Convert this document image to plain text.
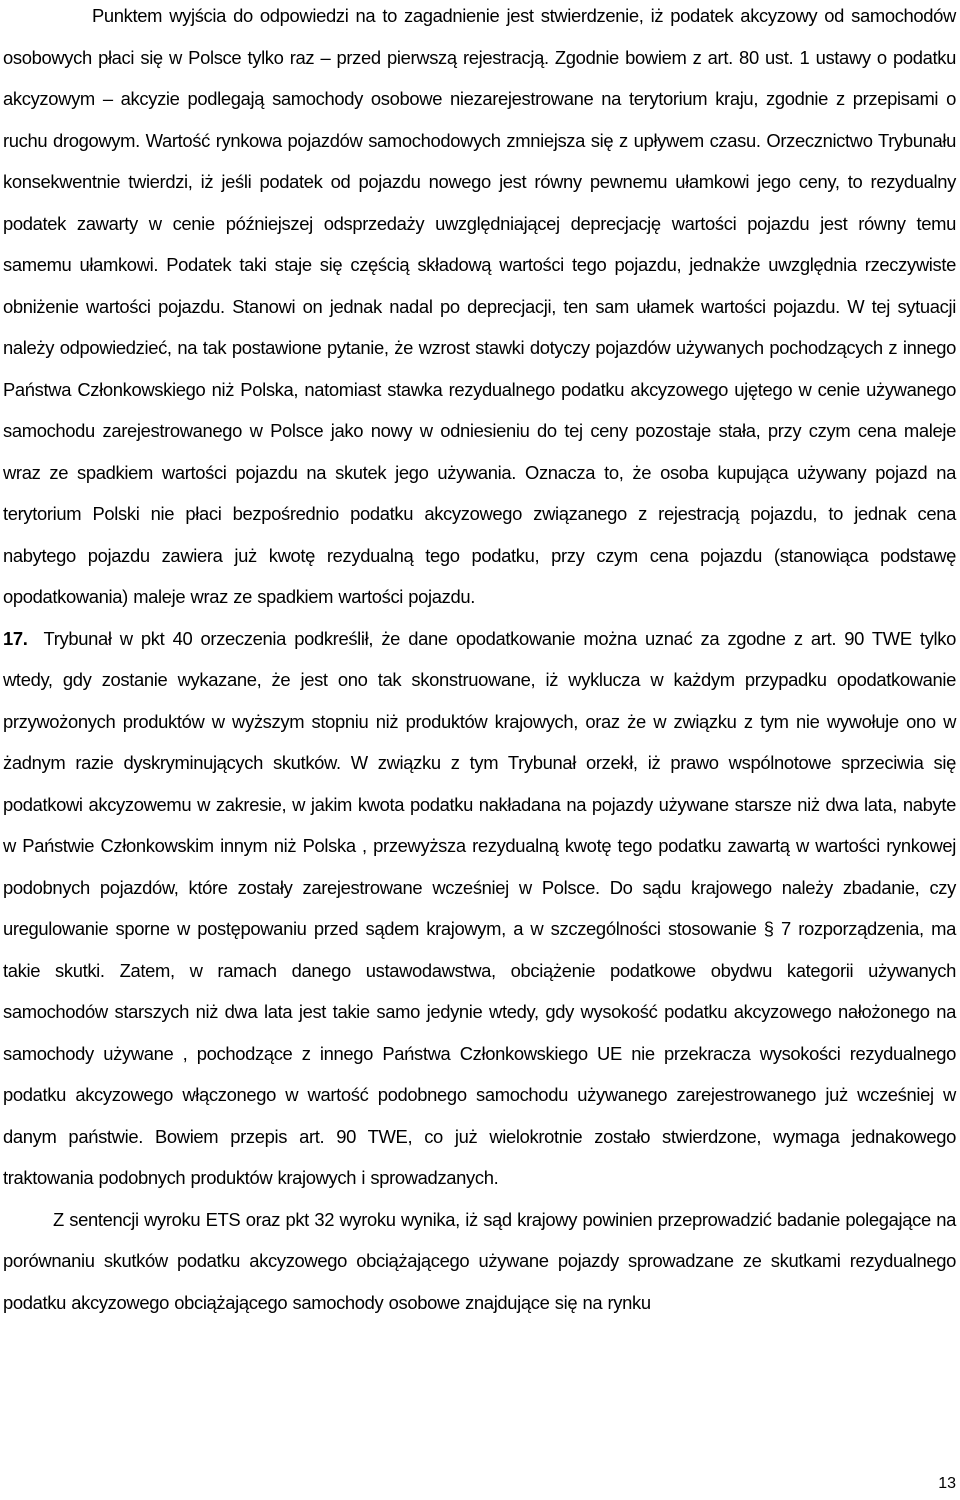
Punktem wyjścia do odpowiedzi na to zagadnienie jest stwierdzenie, iż podatek akcyzowy od samochodów osobowych płaci się w Polsce tylko raz – przed pierwszą rejestracją. Zgodnie bowiem z art. 80 ust. 1 ustawy o podatku akcyzowym – akcyzie podlegają samochody osobowe niezarejestrowane na terytorium kraju, zgodnie z przepisami o ruchu drogowym. Wartość rynkowa pojazdów samochodowych zmniejsza się z upływem czasu. Orzecznictwo Trybunału konsekwentnie twierdzi, iż jeśli podatek od pojazdu nowego jest równy pewnemu ułamkowi jego ceny, to rezydualny podatek zawarty w cenie późniejszej odsprzedaży uwzględniającej deprecjację wartości pojazdu jest równy temu samemu ułamkowi. Podatek taki staje się częścią składową wartości tego pojazdu, jednakże uwzględnia rzeczywiste obniżenie wartości pojazdu. Stanowi on jednak nadal po deprecjacji, ten sam ułamek wartości pojazdu. W tej sytuacji należy odpowiedzieć, na tak postawione pytanie, że wzrost stawki dotyczy pojazdów używanych pochodzących z innego Państwa Członkowskiego niż Polska, natomiast stawka rezydualnego podatku akcyzowego ujętego w cenie używanego samochodu zarejestrowanego w Polsce jako nowy w odniesieniu do tej ceny pozostaje stała, przy czym cena maleje wraz ze spadkiem wartości pojazdu na skutek jego używania. Oznacza to, że osoba kupująca używany pojazd na terytorium Polski nie płaci bezpośrednio podatku akcyzowego związanego z rejestracją pojazdu, to jednak cena nabytego pojazdu zawiera już kwotę rezydualną tego podatku, przy czym cena pojazdu (stanowiąca podstawę opodatkowania) maleje wraz ze spadkiem wartości pojazdu.

17. Trybunał w pkt 40 orzeczenia podkreślił, że dane opodatkowanie można uznać za zgodne z art. 90 TWE tylko wtedy, gdy zostanie wykazane, że jest ono tak skonstruowane, iż wyklucza w każdym przypadku opodatkowanie przywożonych produktów w wyższym stopniu niż produktów krajowych, oraz że w związku z tym nie wywołuje ono w żadnym razie dyskryminujących skutków. W związku z tym Trybunał orzekł, iż prawo wspólnotowe sprzeciwia się podatkowi akcyzowemu w zakresie, w jakim kwota podatku nakładana na pojazdy używane starsze niż dwa lata, nabyte w Państwie Członkowskim innym niż Polska , przewyższa rezydualną kwotę tego podatku zawartą w wartości rynkowej podobnych pojazdów, które zostały zarejestrowane wcześniej w Polsce. Do sądu krajowego należy zbadanie, czy uregulowanie sporne w postępowaniu przed sądem krajowym, a w szczególności stosowanie § 7 rozporządzenia, ma takie skutki. Zatem, w ramach danego ustawodawstwa, obciążenie podatkowe obydwu kategorii używanych samochodów starszych niż dwa lata jest takie samo jedynie wtedy, gdy wysokość podatku akcyzowego nałożonego na samochody używane , pochodzące z innego Państwa Członkowskiego UE nie przekracza wysokości rezydualnego podatku akcyzowego włączonego w wartość podobnego samochodu używanego zarejestrowanego już wcześniej w danym państwie. Bowiem przepis art. 90 TWE, co już wielokrotnie zostało stwierdzone, wymaga jednakowego traktowania podobnych produktów krajowych i sprowadzanych.

Z sentencji wyroku ETS oraz pkt 32 wyroku wynika, iż sąd krajowy powinien przeprowadzić badanie polegające na porównaniu skutków podatku akcyzowego obciążającego używane pojazdy sprowadzane ze skutkami rezydualnego podatku akcyzowego obciążającego samochody osobowe znajdujące się na rynku

13
